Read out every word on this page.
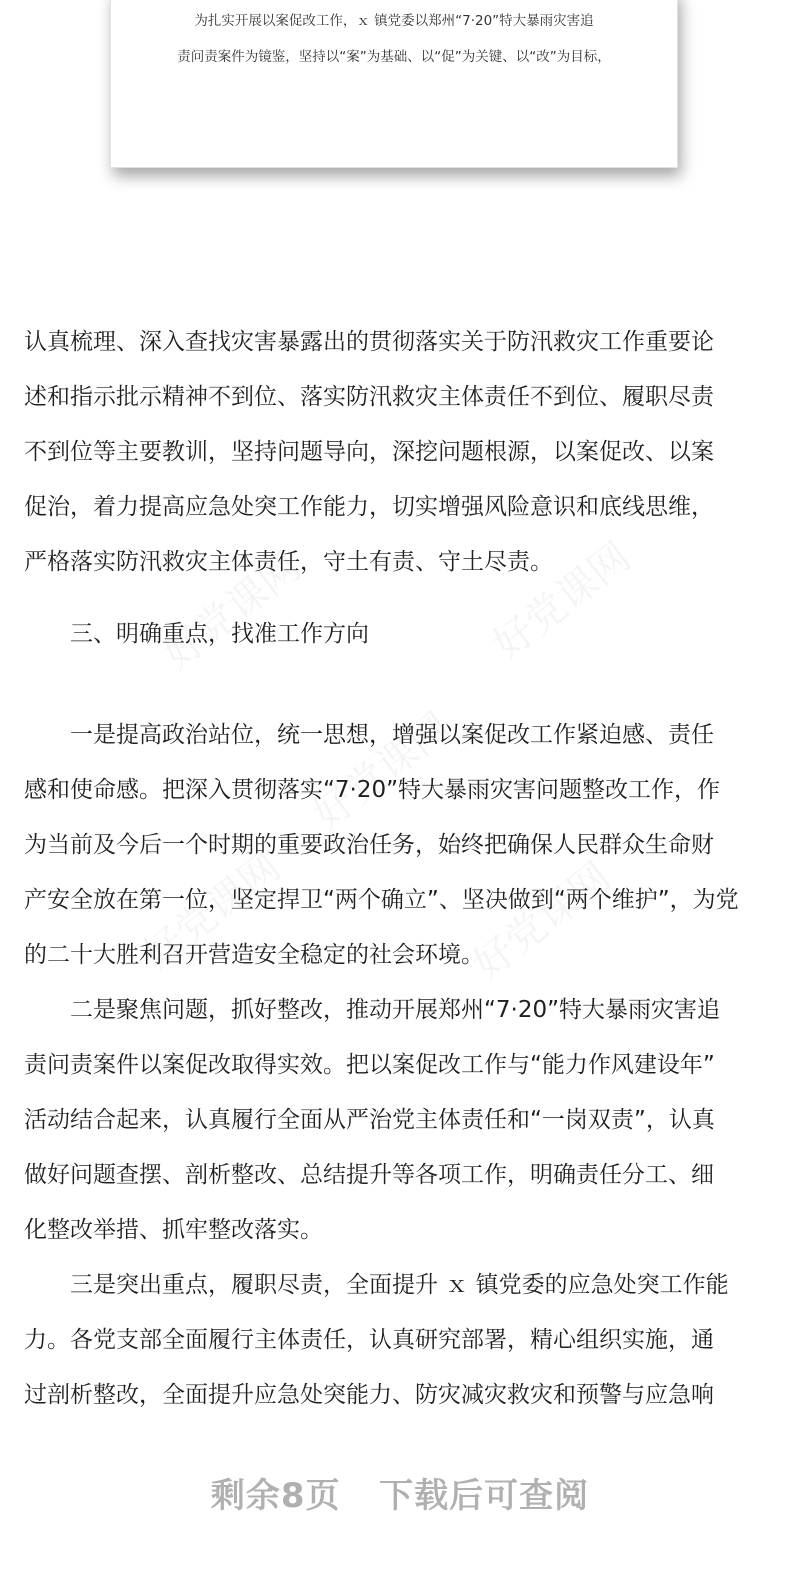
为扎实开展以案促改工作，ｘ 镇党委以郑州“7·20”特大暴雨灾害追
责问责案件为镜鉴，坚持以“案”为基础、以“促”为关键、以“改”为目标，
认真梳理、深入查找灾害暴露出的贯彻落实关于防汛救灾工作重要论
述和指示批示精神不到位、落实防汛救灾主体责任不到位、履职尽责
不到位等主要教训，坚持问题导向，深挖问题根源，以案促改、以案
促治，着力提高应急处突工作能力，切实增强风险意识和底线思维，
严格落实防汛救灾主体责任，守土有责、守土尽责。
三、明确重点，找准工作方向
一是提高政治站位，统一思想，增强以案促改工作紧迫感、责任
感和使命感。把深入贯彻落实“7·20”特大暴雨灾害问题整改工作，作
为当前及今后一个时期的重要政治任务，始终把确保人民群众生命财
产安全放在第一位，坚定捍卫“两个确立”、坚决做到“两个维护”，为党
的二十大胜利召开营造安全稳定的社会环境。
二是聚焦问题，抓好整改，推动开展郑州“7·20”特大暴雨灾害追
责问责案件以案促改取得实效。把以案促改工作与“能力作风建设年”
活动结合起来，认真履行全面从严治党主体责任和“一岗双责”，认真
做好问题查摆、剖析整改、总结提升等各项工作，明确责任分工、细
化整改举措、抓牢整改落实。
三是突出重点，履职尽责，全面提升 ｘ 镇党委的应急处突工作能
力。各党支部全面履行主体责任，认真研究部署，精心组织实施，通
过剖析整改，全面提升应急处突能力、防灾减灾救灾和预警与应急响
剩余8页 下载后可查阅
